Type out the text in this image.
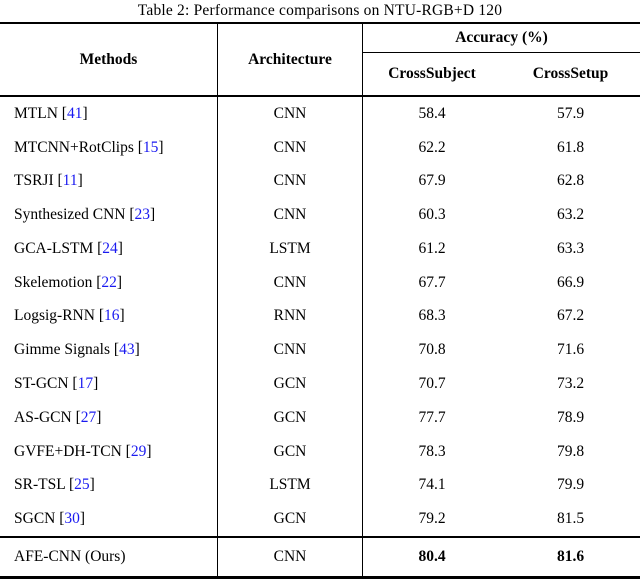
Table 2: Performance comparisons on NTU-RGB+D 120
Methods	Architecture
Accuracy (%)
CrossSubject	CrossSetup
MTLN [ 41 ]	CNN	58.4	57.9
MTCNN+RotClips [ 15 ]	CNN	62.2	61.8
TSRJI [ 11 ]	CNN	67.9	62.8
Synthesized CNN [ 23 ]	CNN	60.3	63.2
GCA-LSTM [ 24 ]	LSTM	61.2	63.3
Skelemotion [ 22 ]	CNN	67.7	66.9
Logsig-RNN [ 16 ]	RNN	68.3	67.2
Gimme Signals [ 43 ]	CNN	70.8	71.6
ST-GCN [ 17 ]	GCN	70.7	73.2
AS-GCN [ 27 ]	GCN	77.7	78.9
GVFE+DH-TCN [ 29 ]	GCN	78.3	79.8
SR-TSL [ 25 ]	LSTM	74.1	79.9
SGCN [ 30 ]	GCN	79.2	81.5
AFE-CNN (Ours)	CNN	80.4	81.6
